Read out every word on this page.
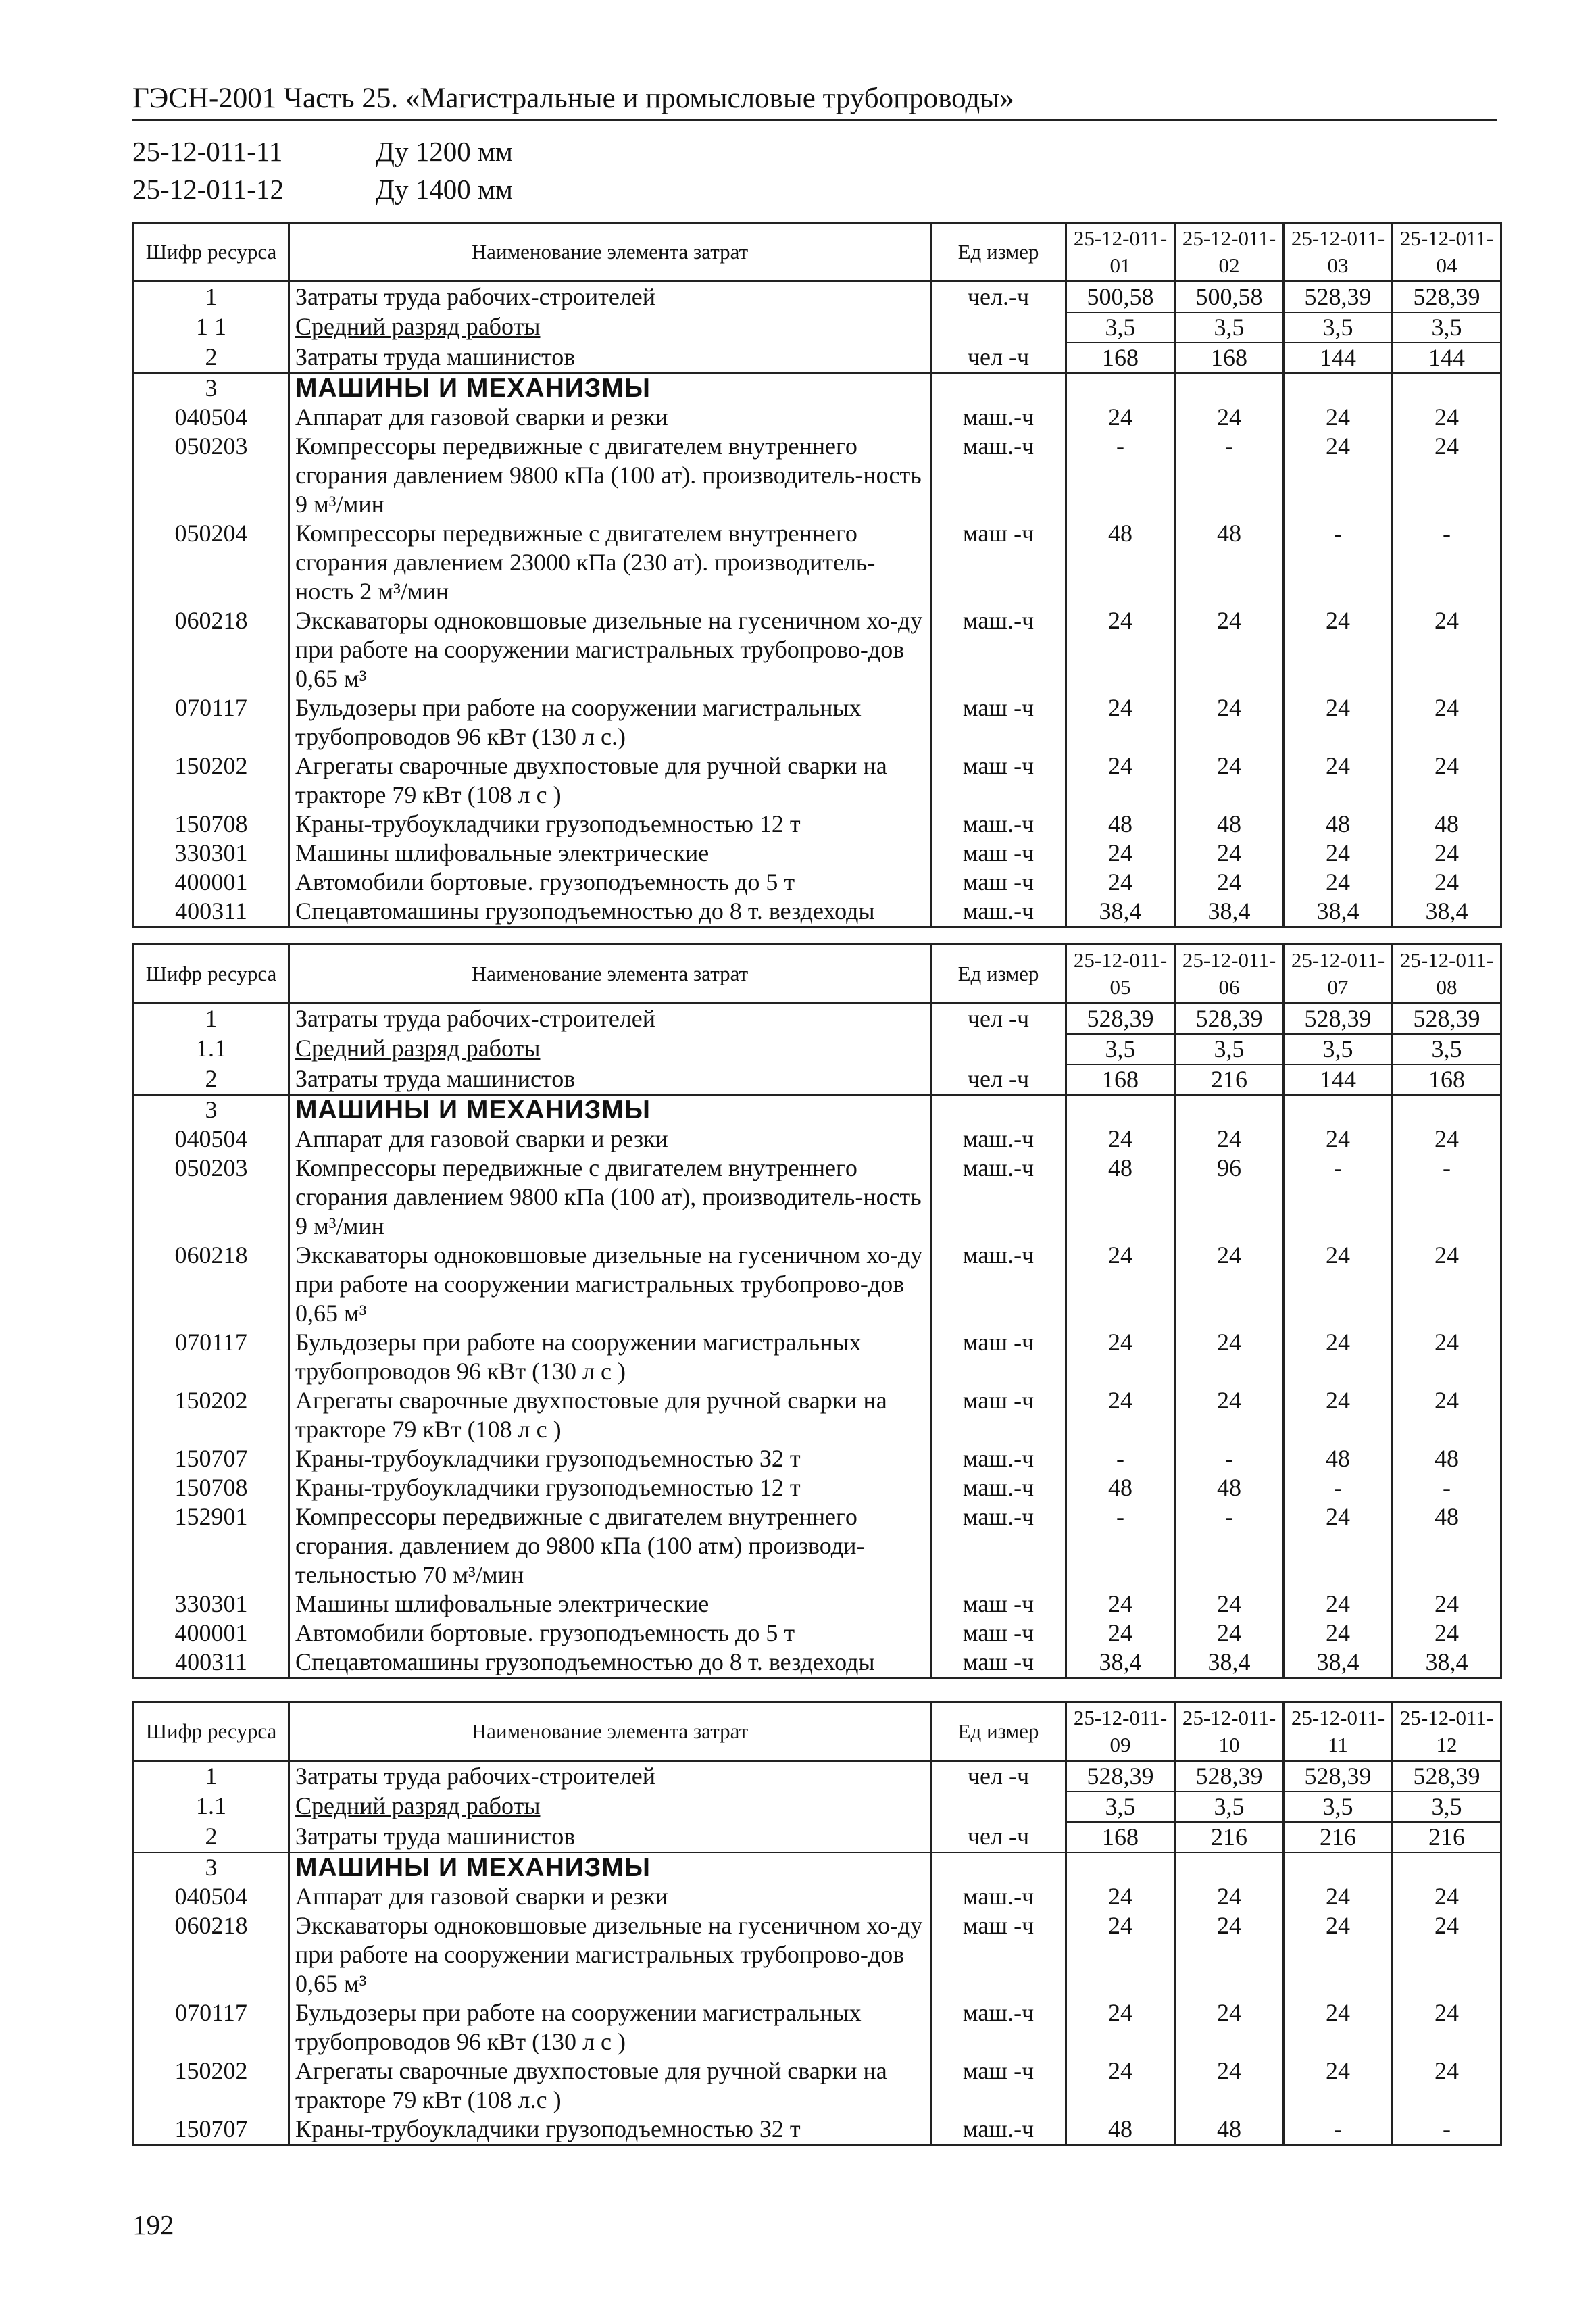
ГЭСН-2001 Часть 25. «Магистральные и промысловые трубопроводы»
25-12-011-11	Ду 1200 мм
25-12-011-12	Ду 1400 мм
Шифр ресурса	Наименование элемента затрат	Ед измер	25-12-011-01	25-12-011-02	25-12-011-03	25-12-011-04
1	Затраты труда рабочих-строителей	чел.-ч	500,58	500,58	528,39	528,39
1 1	Средний разряд работы		3,5	3,5	3,5	3,5
2	Затраты труда машинистов	чел -ч	168	168	144	144
3	МАШИНЫ И МЕХАНИЗМЫ					
040504	Аппарат для газовой сварки и резки	маш.-ч	24	24	24	24
050203	Компрессоры передвижные с двигателем внутреннего сгорания давлением 9800 кПа (100 ат). производитель-ность 9 м³/мин	маш.-ч	-	-	24	24
050204	Компрессоры передвижные с двигателем внутреннего сгорания давлением 23000 кПа (230 ат). производитель-ность 2 м³/мин	маш -ч	48	48	-	-
060218	Экскаваторы одноковшовые дизельные на гусеничном хо-ду при работе на сооружении магистральных трубопрово-дов 0,65 м³	маш.-ч	24	24	24	24
070117	Бульдозеры при работе на сооружении магистральных трубопроводов 96 кВт (130 л с.)	маш -ч	24	24	24	24
150202	Агрегаты сварочные двухпостовые для ручной сварки на тракторе 79 кВт (108 л с )	маш -ч	24	24	24	24
150708	Краны-трубоукладчики грузоподъемностью 12 т	маш.-ч	48	48	48	48
330301	Машины шлифовальные электрические	маш -ч	24	24	24	24
400001	Автомобили бортовые. грузоподъемность до 5 т	маш -ч	24	24	24	24
400311	Спецавтомашины грузоподъемностью до 8 т. вездеходы	маш.-ч	38,4	38,4	38,4	38,4
Шифр ресурса	Наименование элемента затрат	Ед измер	25-12-011-05	25-12-011-06	25-12-011-07	25-12-011-08
1	Затраты труда рабочих-строителей	чел -ч	528,39	528,39	528,39	528,39
1.1	Средний разряд работы		3,5	3,5	3,5	3,5
2	Затраты труда машинистов	чел -ч	168	216	144	168
3	МАШИНЫ И МЕХАНИЗМЫ					
040504	Аппарат для газовой сварки и резки	маш.-ч	24	24	24	24
050203	Компрессоры передвижные с двигателем внутреннего сгорания давлением 9800 кПа (100 ат), производитель-ность 9 м³/мин	маш.-ч	48	96	-	-
060218	Экскаваторы одноковшовые дизельные на гусеничном хо-ду при работе на сооружении магистральных трубопрово-дов 0,65 м³	маш.-ч	24	24	24	24
070117	Бульдозеры при работе на сооружении магистральных трубопроводов 96 кВт (130 л с )	маш -ч	24	24	24	24
150202	Агрегаты сварочные двухпостовые для ручной сварки на тракторе 79 кВт (108 л с )	маш -ч	24	24	24	24
150707	Краны-трубоукладчики грузоподъемностью 32 т	маш.-ч	-	-	48	48
150708	Краны-трубоукладчики грузоподъемностью 12 т	маш.-ч	48	48	-	-
152901	Компрессоры передвижные с двигателем внутреннего сгорания. давлением до 9800 кПа (100 атм) производи-тельностью 70 м³/мин	маш.-ч	-	-	24	48
330301	Машины шлифовальные электрические	маш -ч	24	24	24	24
400001	Автомобили бортовые. грузоподъемность до 5 т	маш -ч	24	24	24	24
400311	Спецавтомашины грузоподъемностью до 8 т. вездеходы	маш -ч	38,4	38,4	38,4	38,4
Шифр ресурса	Наименование элемента затрат	Ед измер	25-12-011-09	25-12-011-10	25-12-011-11	25-12-011-12
1	Затраты труда рабочих-строителей	чел -ч	528,39	528,39	528,39	528,39
1.1	Средний разряд работы		3,5	3,5	3,5	3,5
2	Затраты труда машинистов	чел -ч	168	216	216	216
3	МАШИНЫ И МЕХАНИЗМЫ					
040504	Аппарат для газовой сварки и резки	маш.-ч	24	24	24	24
060218	Экскаваторы одноковшовые дизельные на гусеничном хо-ду при работе на сооружении магистральных трубопрово-дов 0,65 м³	маш -ч	24	24	24	24
070117	Бульдозеры при работе на сооружении магистральных трубопроводов 96 кВт (130 л с )	маш.-ч	24	24	24	24
150202	Агрегаты сварочные двухпостовые для ручной сварки на тракторе 79 кВт (108 л.с )	маш -ч	24	24	24	24
150707	Краны-трубоукладчики грузоподъемностью 32 т	маш.-ч	48	48	-	-
192
